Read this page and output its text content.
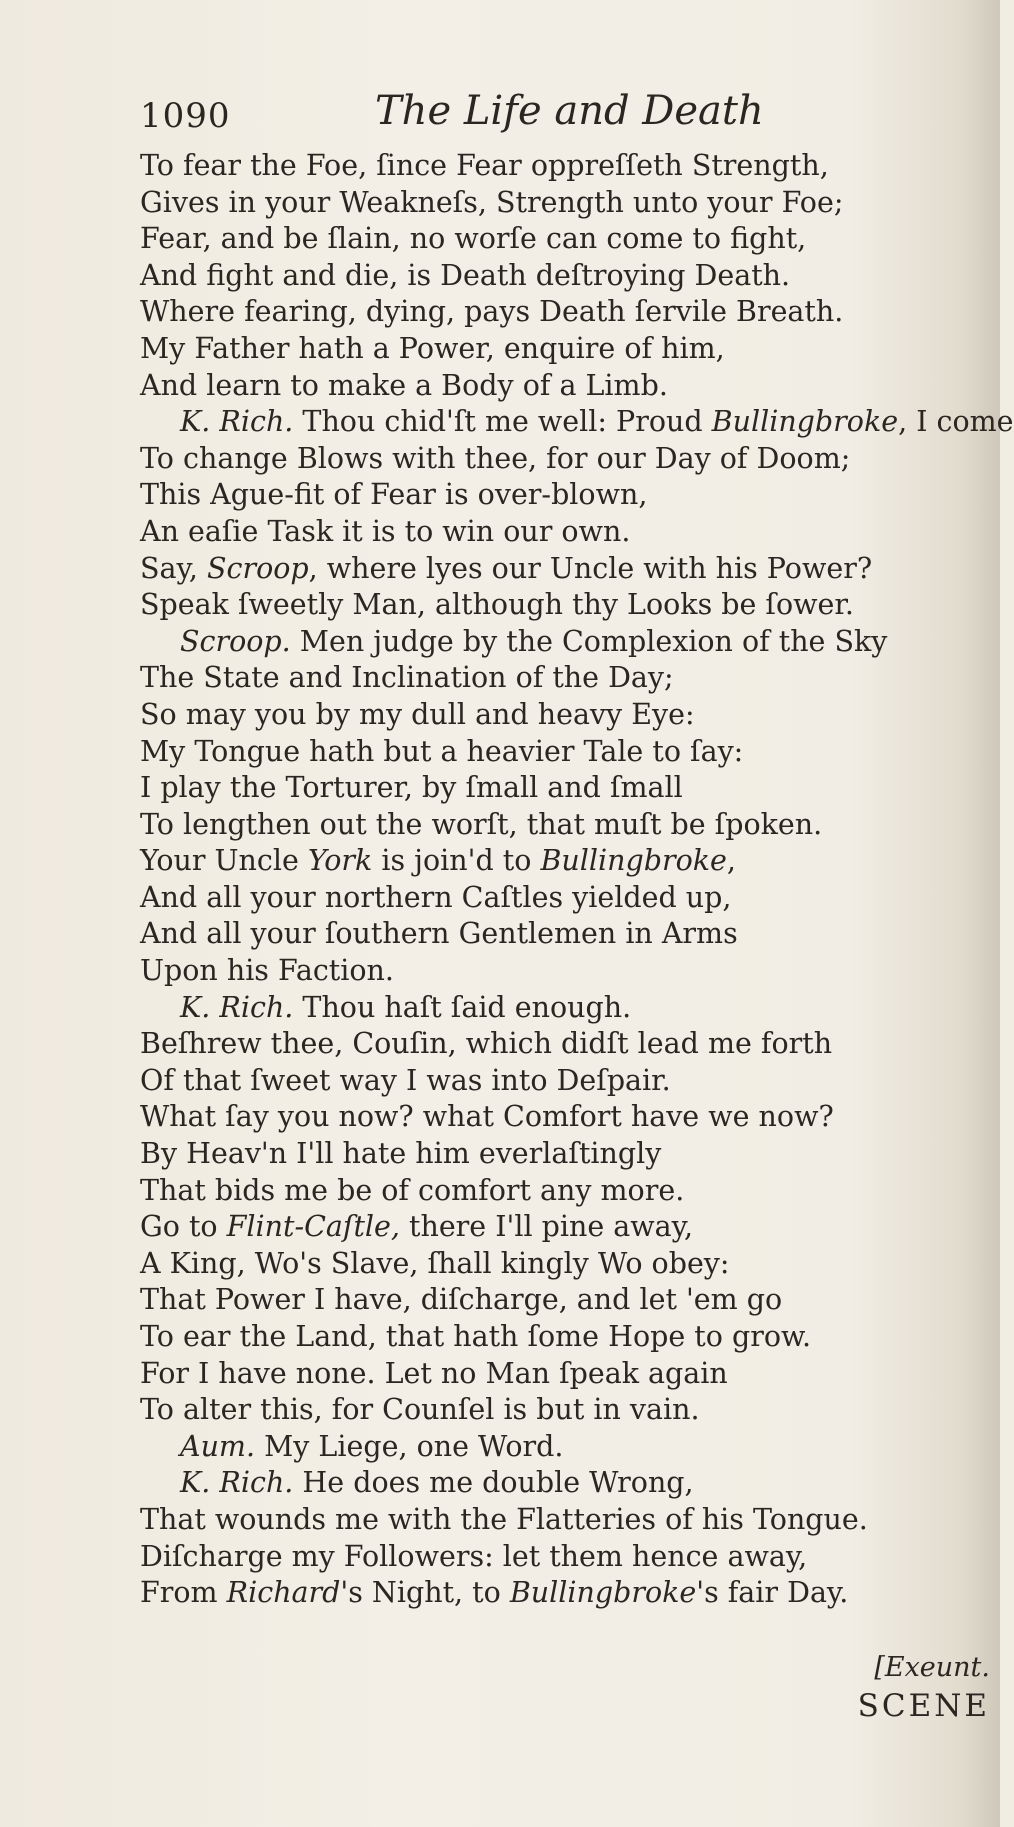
1090	The Life and Death
To fear the Foe, ſince Fear oppreſſeth Strength,
Gives in your Weakneſs, Strength unto your Foe;
Fear, and be ſlain, no worſe can come to fight,
And fight and die, is Death deſtroying Death.
Where fearing, dying, pays Death ſervile Breath.
My Father hath a Power, enquire of him,
And learn to make a Body of a Limb.
K. Rich. Thou chid'ſt me well: Proud Bullingbroke, I come
To change Blows with thee, for our Day of Doom;
This Ague-fit of Fear is over-blown,
An eaſie Task it is to win our own.
Say, Scroop, where lyes our Uncle with his Power?
Speak ſweetly Man, although thy Looks be ſower.
Scroop. Men judge by the Complexion of the Sky
The State and Inclination of the Day;
So may you by my dull and heavy Eye:
My Tongue hath but a heavier Tale to ſay:
I play the Torturer, by ſmall and ſmall
To lengthen out the worſt, that muſt be ſpoken.
Your Uncle York is join'd to Bullingbroke,
And all your northern Caſtles yielded up,
And all your ſouthern Gentlemen in Arms
Upon his Faction.
K. Rich. Thou haſt ſaid enough.
Beſhrew thee, Couſin, which didſt lead me forth
Of that ſweet way I was into Deſpair.
What ſay you now? what Comfort have we now?
By Heav'n I'll hate him everlaſtingly
That bids me be of comfort any more.
Go to Flint-Caſtle, there I'll pine away,
A King, Wo's Slave, ſhall kingly Wo obey:
That Power I have, diſcharge, and let 'em go
To ear the Land, that hath ſome Hope to grow.
For I have none. Let no Man ſpeak again
To alter this, for Counſel is but in vain.
Aum. My Liege, one Word.
K. Rich. He does me double Wrong,
That wounds me with the Flatteries of his Tongue.
Diſcharge my Followers: let them hence away,
From Richard's Night, to Bullingbroke's fair Day.
[Exeunt.
SCENE
